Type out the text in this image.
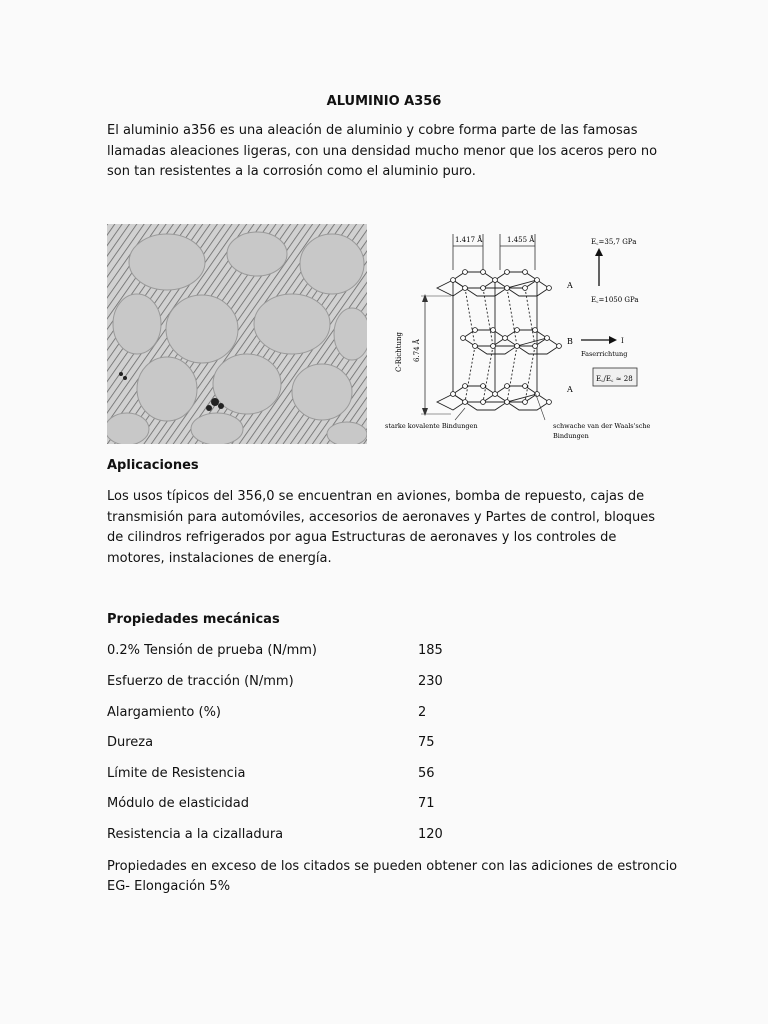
ALUMINIO A356

El aluminio a356 es una aleación de aluminio y cobre forma parte de las famosas llamadas aleaciones ligeras, con una densidad mucho menor que los aceros pero no son tan resistentes a la corrosión como el aluminio puro.

1.417 Å	1.455 Å	E꜀=35,7 GPa
E꜀=1050 GPa
A
B
A
I
Faserrichtung
E꜀/E꜀ ≈ 28
C-Richtung 6.74 Å
starke kovalente Bindungen	schwache van der Waals'sche
Bindungen
Aplicaciones

Los usos típicos del 356,0 se encuentran en aviones, bomba de repuesto, cajas de transmisión para automóviles, accesorios de aeronaves y Partes de control, bloques de cilindros refrigerados por agua Estructuras de aeronaves y los controles de motores, instalaciones de energía.

Propiedades mecánicas
0.2% Tensión de prueba (N/mm)	185
Esfuerzo de tracción (N/mm)	230
Alargamiento (%)	2
Dureza	75
Límite de Resistencia	56
Módulo de elasticidad	71
Resistencia a la cizalladura	120

Propiedades en exceso de los citados se pueden obtener con las adiciones de estroncio

EG- Elongación 5%
